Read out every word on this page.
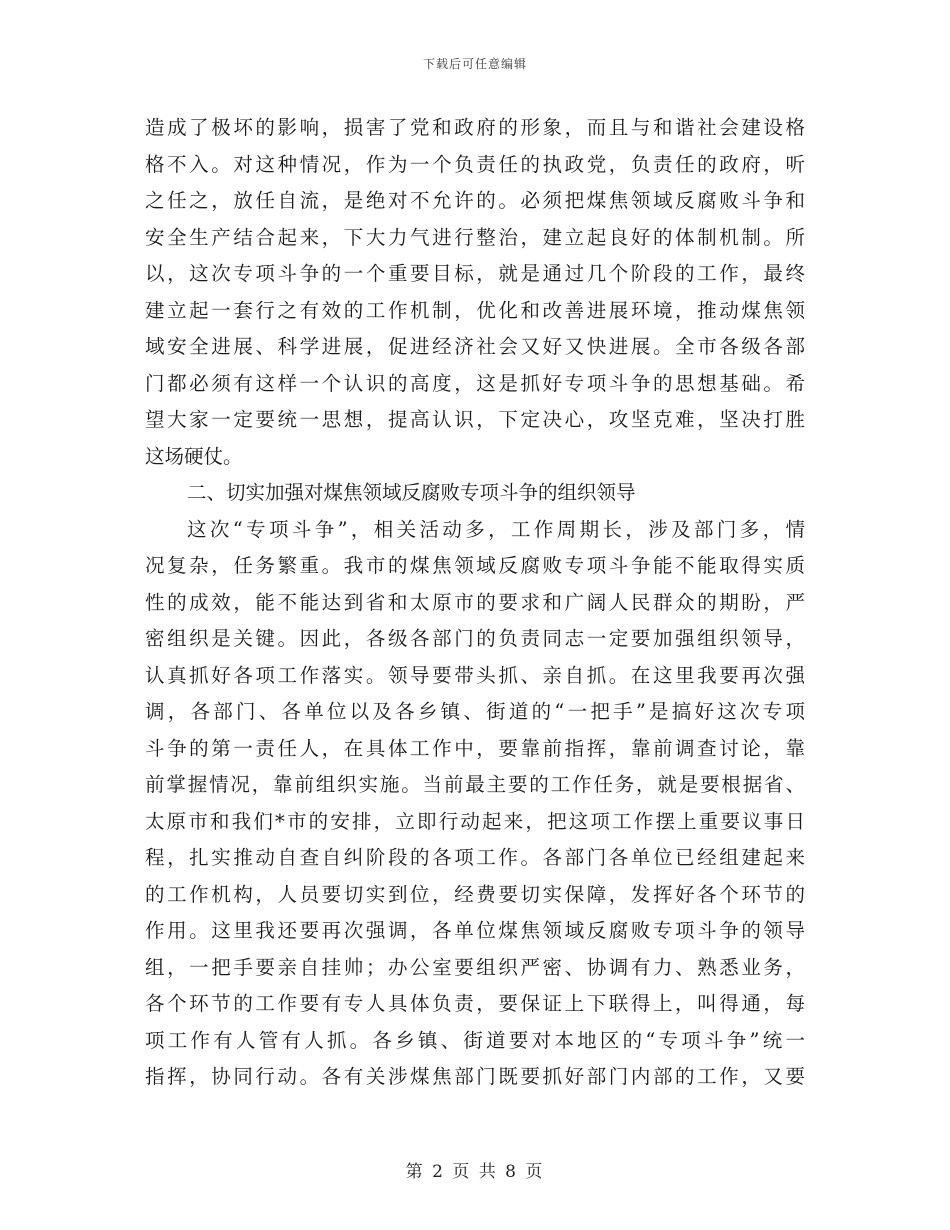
下载后可任意编辑
造成了极坏的影响，损害了党和政府的形象，而且与和谐社会建设格
格不入。对这种情况，作为一个负责任的执政党，负责任的政府，听
之任之，放任自流，是绝对不允许的。必须把煤焦领域反腐败斗争和
安全生产结合起来，下大力气进行整治，建立起良好的体制机制。所
以，这次专项斗争的一个重要目标，就是通过几个阶段的工作，最终
建立起一套行之有效的工作机制，优化和改善进展环境，推动煤焦领
域安全进展、科学进展，促进经济社会又好又快进展。全市各级各部
门都必须有这样一个认识的高度，这是抓好专项斗争的思想基础。希
望大家一定要统一思想，提高认识，下定决心，攻坚克难，坚决打胜
这场硬仗。
二、切实加强对煤焦领域反腐败专项斗争的组织领导
这次“专项斗争”，相关活动多，工作周期长，涉及部门多，情
况复杂，任务繁重。我市的煤焦领域反腐败专项斗争能不能取得实质
性的成效，能不能达到省和太原市的要求和广阔人民群众的期盼，严
密组织是关键。因此，各级各部门的负责同志一定要加强组织领导，
认真抓好各项工作落实。领导要带头抓、亲自抓。在这里我要再次强
调，各部门、各单位以及各乡镇、街道的“一把手”是搞好这次专项
斗争的第一责任人，在具体工作中，要靠前指挥，靠前调查讨论，靠
前掌握情况，靠前组织实施。当前最主要的工作任务，就是要根据省、
太原市和我们*市的安排，立即行动起来，把这项工作摆上重要议事日
程，扎实推动自查自纠阶段的各项工作。各部门各单位已经组建起来
的工作机构，人员要切实到位，经费要切实保障，发挥好各个环节的
作用。这里我还要再次强调，各单位煤焦领域反腐败专项斗争的领导
组，一把手要亲自挂帅；办公室要组织严密、协调有力、熟悉业务，
各个环节的工作要有专人具体负责，要保证上下联得上，叫得通，每
项工作有人管有人抓。各乡镇、街道要对本地区的“专项斗争”统一
指挥，协同行动。各有关涉煤焦部门既要抓好部门内部的工作，又要
第 2 页 共 8 页
